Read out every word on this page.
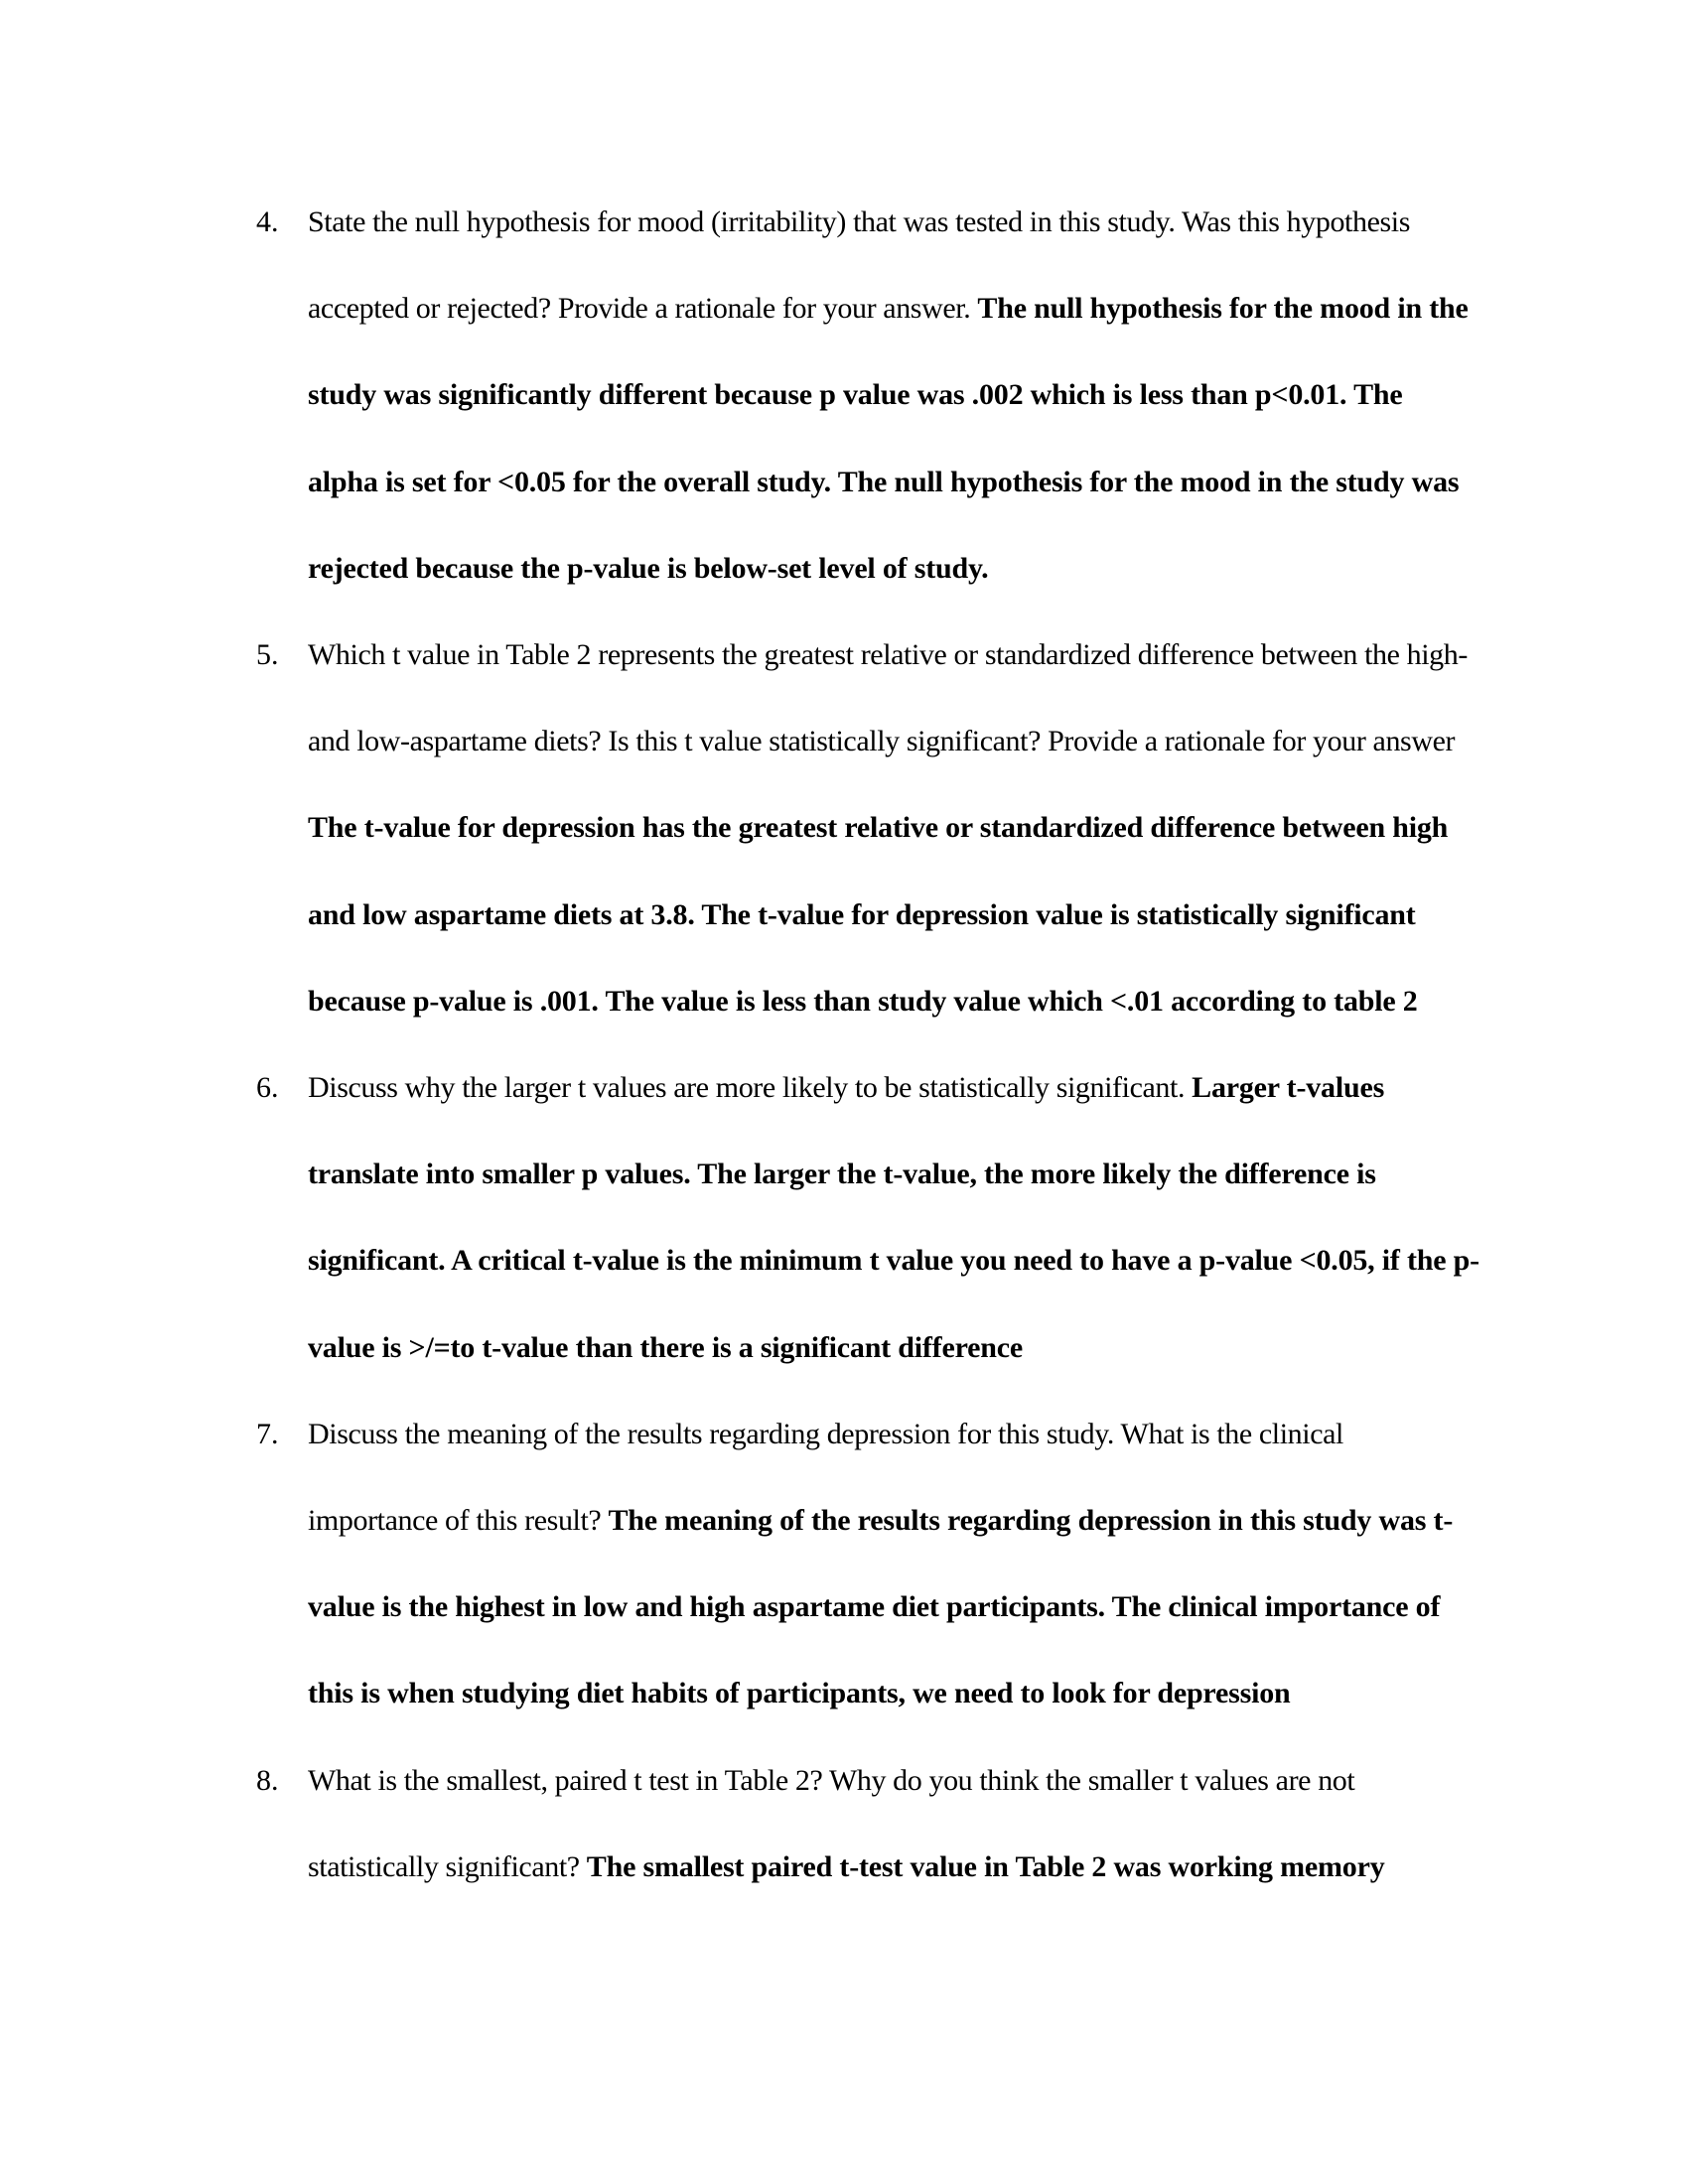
4. State the null hypothesis for mood (irritability) that was tested in this study. Was this hypothesis accepted or rejected? Provide a rationale for your answer. The null hypothesis for the mood in the study was significantly different because p value was .002 which is less than p<0.01. The alpha is set for <0.05 for the overall study. The null hypothesis for the mood in the study was rejected because the p-value is below-set level of study.
5. Which t value in Table 2 represents the greatest relative or standardized difference between the high-and low-aspartame diets? Is this t value statistically significant? Provide a rationale for your answer The t-value for depression has the greatest relative or standardized difference between high and low aspartame diets at 3.8. The t-value for depression value is statistically significant because p-value is .001. The value is less than study value which <.01 according to table 2
6. Discuss why the larger t values are more likely to be statistically significant. Larger t-values translate into smaller p values. The larger the t-value, the more likely the difference is significant. A critical t-value is the minimum t value you need to have a p-value <0.05, if the p- value is >/=to t-value than there is a significant difference
7. Discuss the meaning of the results regarding depression for this study. What is the clinical importance of this result? The meaning of the results regarding depression in this study was t- value is the highest in low and high aspartame diet participants. The clinical importance of this is when studying diet habits of participants, we need to look for depression
8. What is the smallest, paired t test in Table 2? Why do you think the smaller t values are not statistically significant? The smallest paired t-test value in Table 2 was working memory
